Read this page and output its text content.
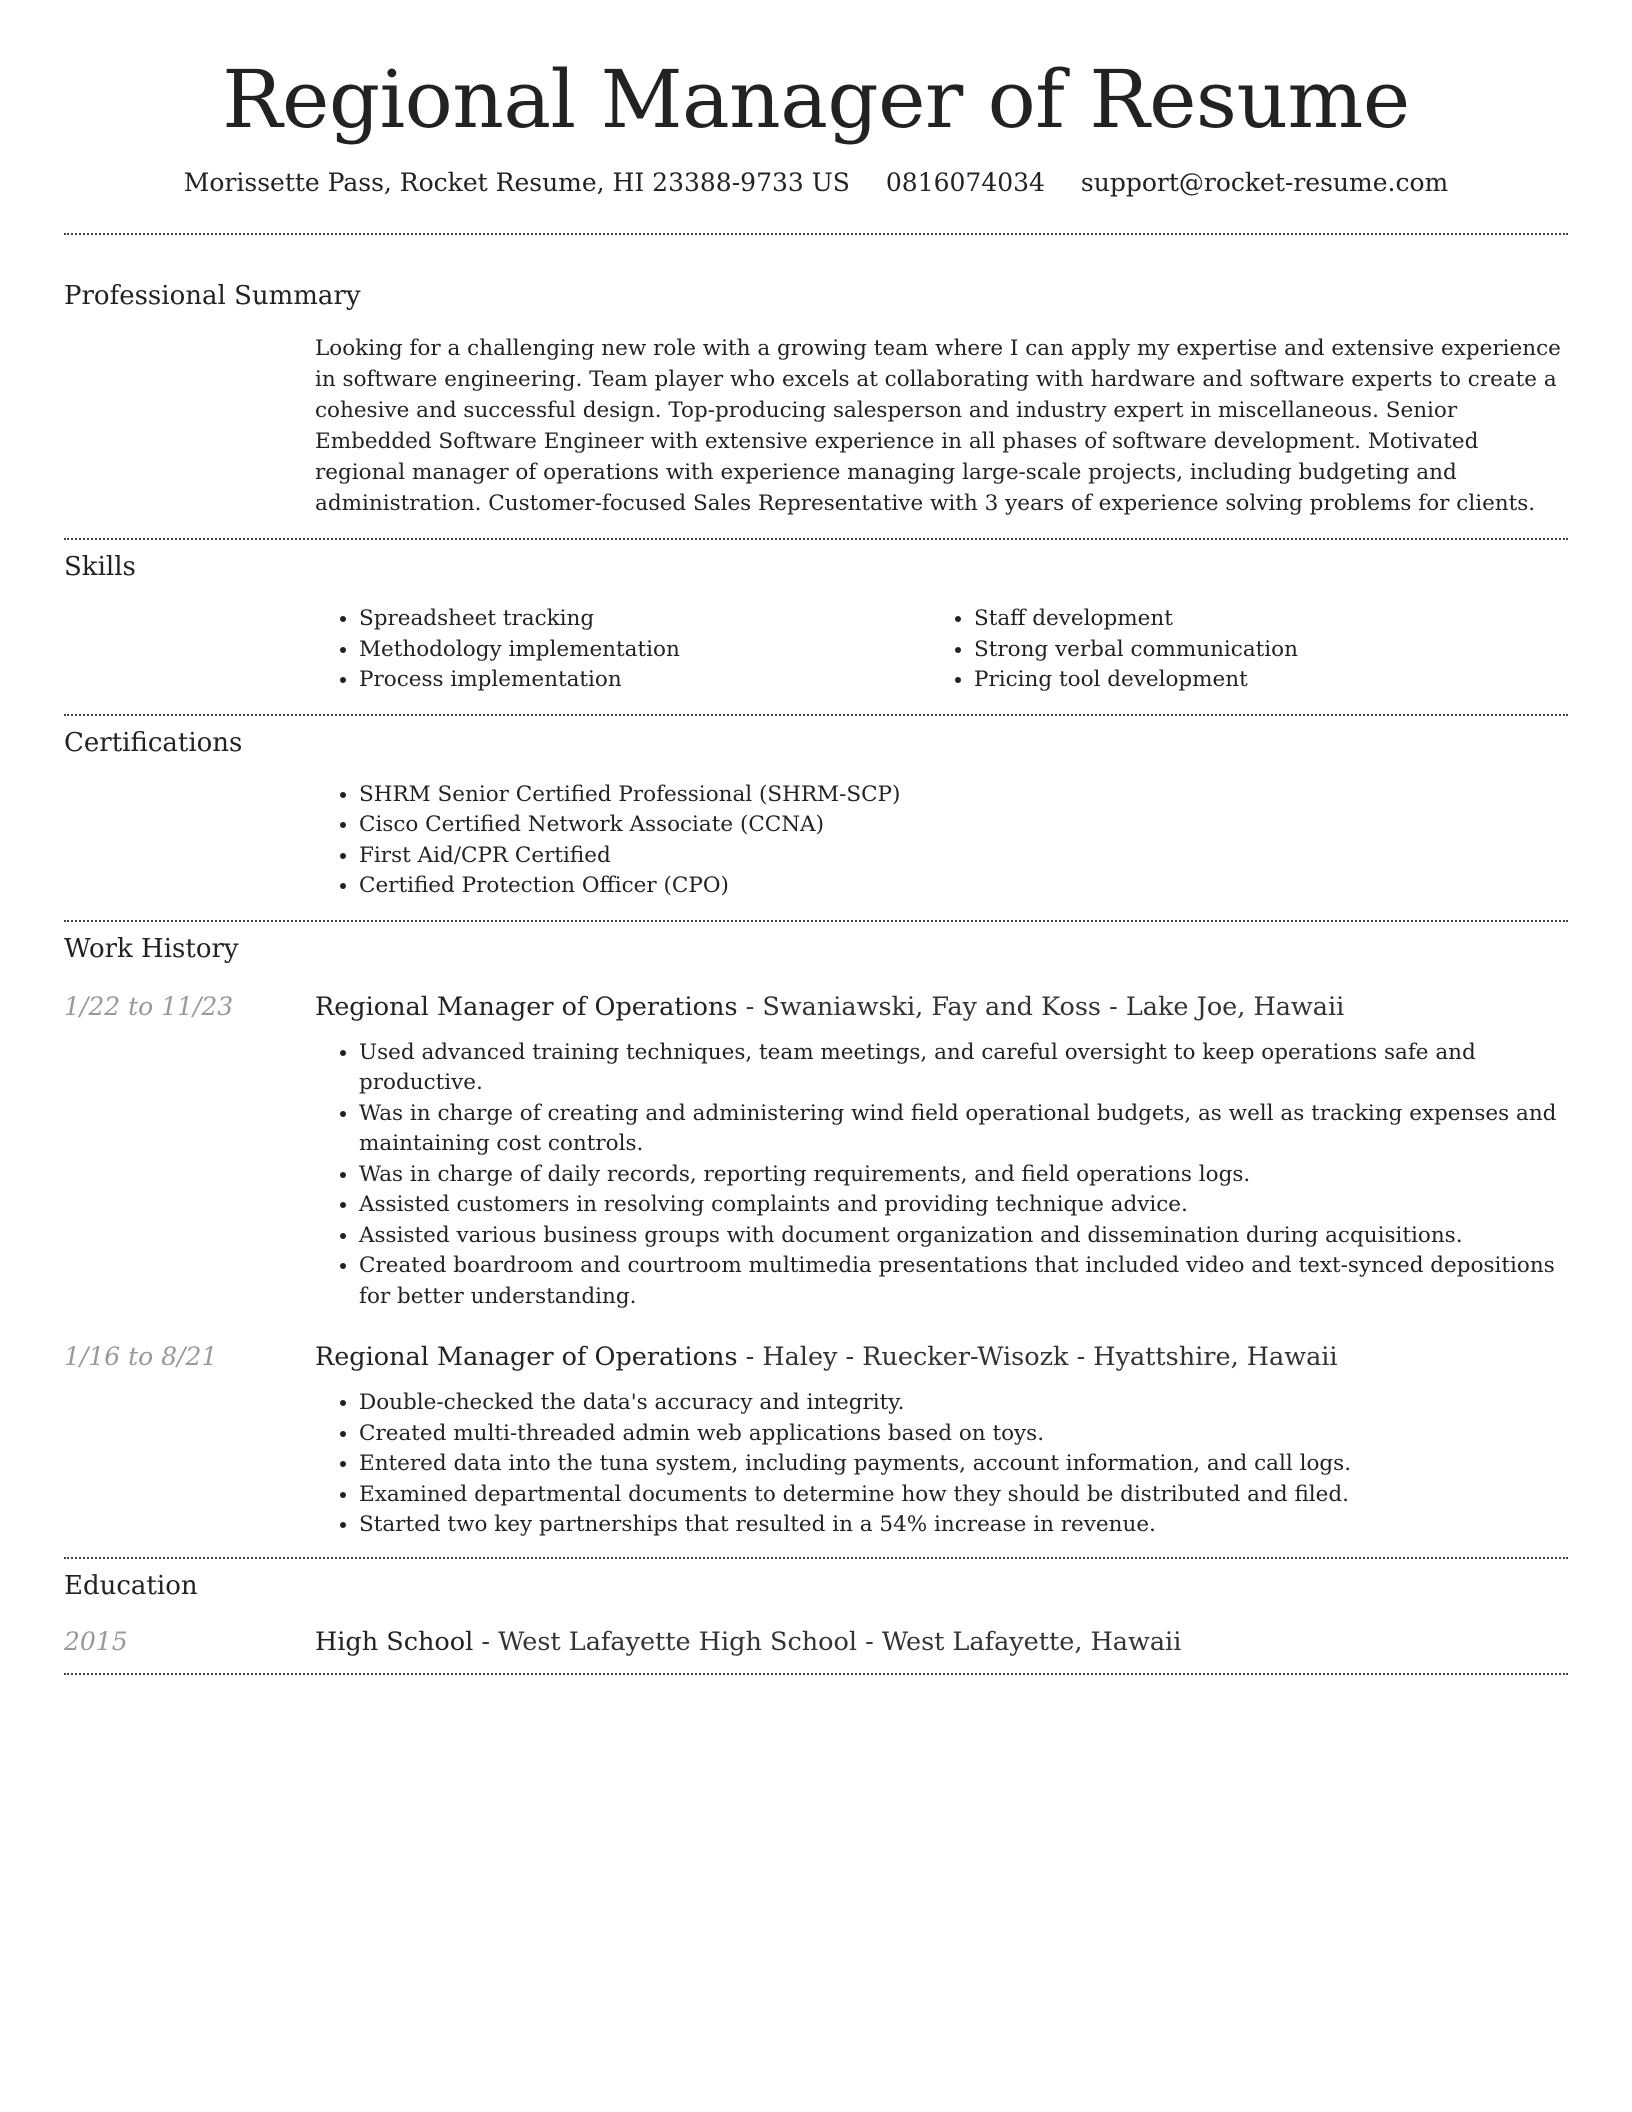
Regional Manager of Resume
Morissette Pass, Rocket Resume, HI 23388-9733 US 0816074034 support@rocket-resume.com
Professional Summary

Looking for a challenging new role with a growing team where I can apply my expertise and extensive experience in software engineering. Team player who excels at collaborating with hardware and software experts to create a cohesive and successful design. Top-producing salesperson and industry expert in miscellaneous. Senior Embedded Software Engineer with extensive experience in all phases of software development. Motivated regional manager of operations with experience managing large-scale projects, including budgeting and administration. Customer-focused Sales Representative with 3 years of experience solving problems for clients.

Skills
• Spreadsheet tracking
• Methodology implementation
• Process implementation
• Staff development
• Strong verbal communication
• Pricing tool development
Certifications
• SHRM Senior Certified Professional (SHRM-SCP)
• Cisco Certified Network Associate (CCNA)
• First Aid/CPR Certified
• Certified Protection Officer (CPO)
Work History
1/22 to 11/23	Regional Manager of Operations - Swaniawski, Fay and Koss - Lake Joe, Hawaii
• Used advanced training techniques, team meetings, and careful oversight to keep operations safe and productive.
• Was in charge of creating and administering wind field operational budgets, as well as tracking expenses and maintaining cost controls.
• Was in charge of daily records, reporting requirements, and field operations logs.
• Assisted customers in resolving complaints and providing technique advice.
• Assisted various business groups with document organization and dissemination during acquisitions.
• Created boardroom and courtroom multimedia presentations that included video and text-synced depositions for better understanding.
1/16 to 8/21	Regional Manager of Operations - Haley - Ruecker-Wisozk - Hyattshire, Hawaii
• Double-checked the data's accuracy and integrity.
• Created multi-threaded admin web applications based on toys.
• Entered data into the tuna system, including payments, account information, and call logs.
• Examined departmental documents to determine how they should be distributed and filed.
• Started two key partnerships that resulted in a 54% increase in revenue.
Education
2015	High School - West Lafayette High School - West Lafayette, Hawaii
